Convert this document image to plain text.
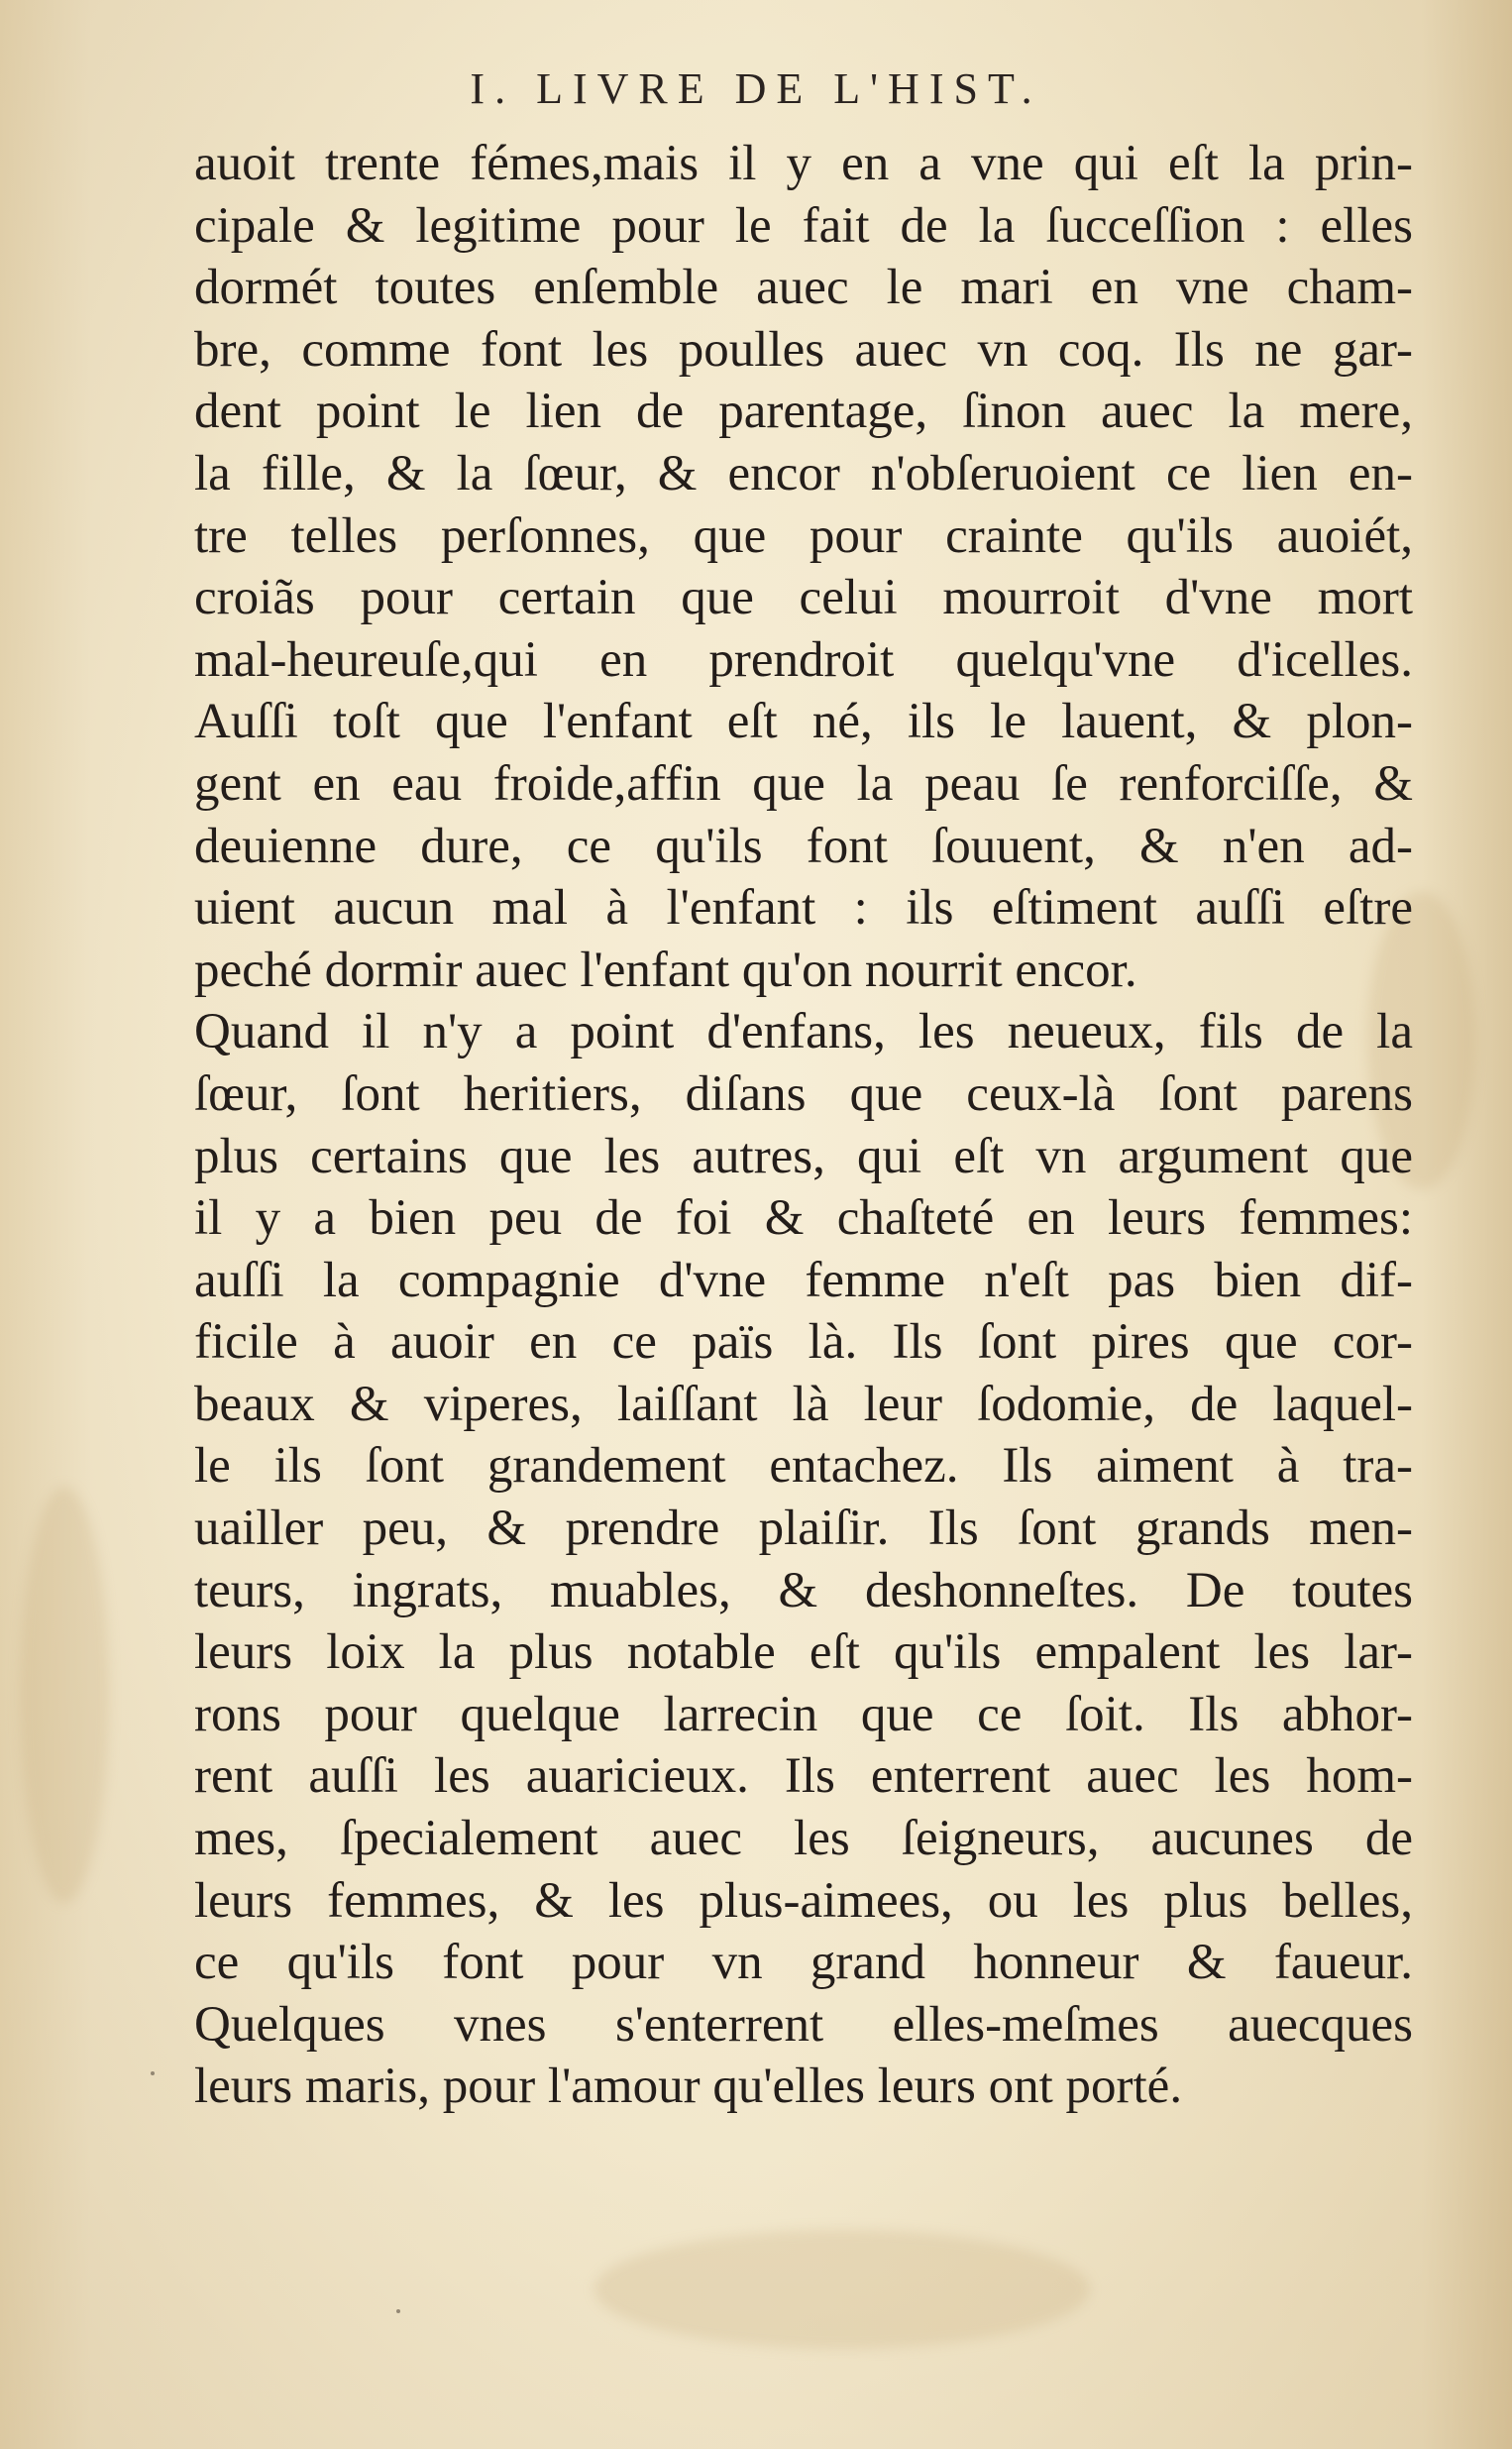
I. LIVRE DE L'HIST.
auoit trente fémes,mais il y en a vne qui eſt la prin-
cipale & legitime pour le fait de la ſucceſſion : elles
dormét toutes enſemble auec le mari en vne cham-
bre, comme font les poulles auec vn coq. Ils ne gar-
dent point le lien de parentage, ſinon auec la mere,
la fille, & la ſœur, & encor n'obſeruoient ce lien en-
tre telles perſonnes, que pour crainte qu'ils auoiét,
croiãs pour certain que celui mourroit d'vne mort
mal-heureuſe,qui en prendroit quelqu'vne d'icelles.
Auſſi toſt que l'enfant eſt né, ils le lauent, & plon-
gent en eau froide,affin que la peau ſe renforciſſe, &
deuienne dure, ce qu'ils font ſouuent, & n'en ad-
uient aucun mal à l'enfant : ils eſtiment auſſi eſtre
peché dormir auec l'enfant qu'on nourrit encor.
Quand il n'y a point d'enfans, les neueux, fils de la
ſœur, ſont heritiers, diſans que ceux-là ſont parens
plus certains que les autres, qui eſt vn argument que
il y a bien peu de foi & chaſteté en leurs femmes:
auſſi la compagnie d'vne femme n'eſt pas bien dif-
ficile à auoir en ce païs là. Ils ſont pires que cor-
beaux & viperes, laiſſant là leur ſodomie, de laquel-
le ils ſont grandement entachez. Ils aiment à tra-
uailler peu, & prendre plaiſir. Ils ſont grands men-
teurs, ingrats, muables, & deshonneſtes. De toutes
leurs loix la plus notable eſt qu'ils empalent les lar-
rons pour quelque larrecin que ce ſoit. Ils abhor-
rent auſſi les auaricieux. Ils enterrent auec les hom-
mes, ſpecialement auec les ſeigneurs, aucunes de
leurs femmes, & les plus-aimees, ou les plus belles,
ce qu'ils font pour vn grand honneur & faueur.
Quelques vnes s'enterrent elles-meſmes auecques
leurs maris, pour l'amour qu'elles leurs ont porté.
